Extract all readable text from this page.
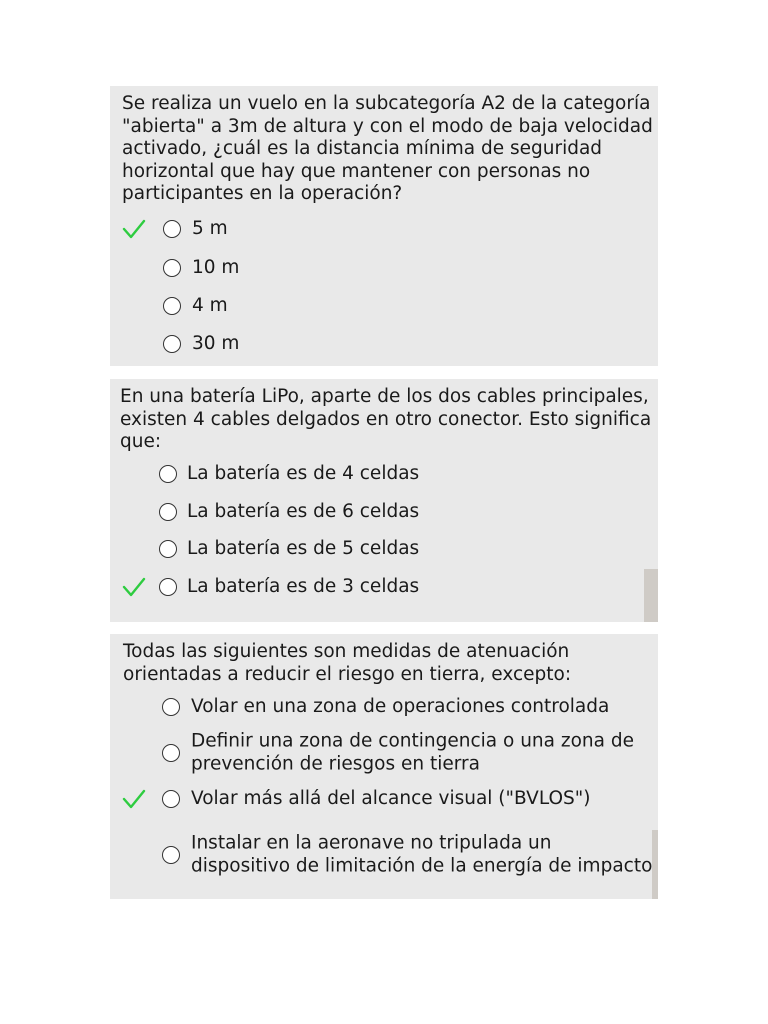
Se realiza un vuelo en la subcategoría A2 de la categoría "abierta" a 3m de altura y con el modo de baja velocidad activado, ¿cuál es la distancia mínima de seguridad horizontal que hay que mantener con personas no participantes en la operación?

5 m
10 m
4 m
30 m

En una batería LiPo, aparte de los dos cables principales, existen 4 cables delgados en otro conector. Esto significa que:

La batería es de 4 celdas
La batería es de 6 celdas
La batería es de 5 celdas
La batería es de 3 celdas

Todas las siguientes son medidas de atenuación orientadas a reducir el riesgo en tierra, excepto:

Volar en una zona de operaciones controlada
Definir una zona de contingencia o una zona de prevención de riesgos en tierra
Volar más allá del alcance visual ("BVLOS")
Instalar en la aeronave no tripulada un dispositivo de limitación de la energía de impacto
